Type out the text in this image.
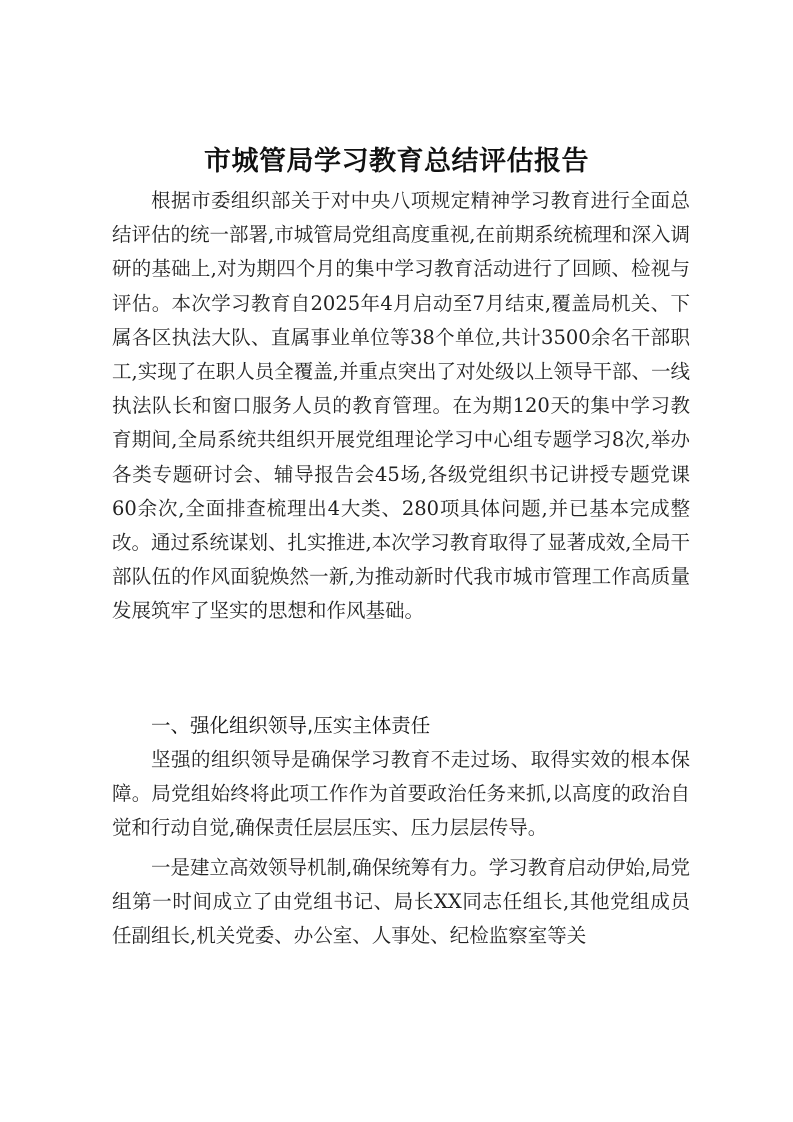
市城管局学习教育总结评估报告

根据市委组织部关于对中央八项规定精神学习教育进行全面总结评估的统一部署,市城管局党组高度重视,在前期系统梳理和深入调研的基础上,对为期四个月的集中学习教育活动进行了回顾、检视与评估。本次学习教育自2025年4月启动至7月结束,覆盖局机关、下属各区执法大队、直属事业单位等38个单位,共计3500余名干部职工,实现了在职人员全覆盖,并重点突出了对处级以上领导干部、一线执法队长和窗口服务人员的教育管理。在为期120天的集中学习教育期间,全局系统共组织开展党组理论学习中心组专题学习8次,举办各类专题研讨会、辅导报告会45场,各级党组织书记讲授专题党课60余次,全面排查梳理出4大类、280项具体问题,并已基本完成整改。通过系统谋划、扎实推进,本次学习教育取得了显著成效,全局干部队伍的作风面貌焕然一新,为推动新时代我市城市管理工作高质量发展筑牢了坚实的思想和作风基础。

一、强化组织领导,压实主体责任

坚强的组织领导是确保学习教育不走过场、取得实效的根本保障。局党组始终将此项工作作为首要政治任务来抓,以高度的政治自觉和行动自觉,确保责任层层压实、压力层层传导。

一是建立高效领导机制,确保统筹有力。学习教育启动伊始,局党组第一时间成立了由党组书记、局长XX同志任组长,其他党组成员任副组长,机关党委、办公室、人事处、纪检监察室等关
